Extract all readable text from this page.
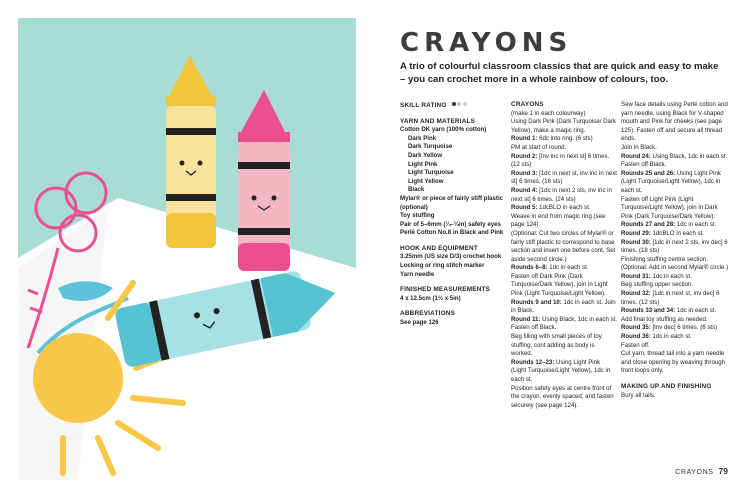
CRAYONS
A trio of colourful classroom classics that are quick and easy to make – you can crochet more in a whole rainbow of colours, too.
SKILL RATING
YARN AND MATERIALS
Cotton DK yarn (100% cotton)
Dark Pink
Dark Turquoise
Dark Yellow
Light Pink
Light Turquoise
Light Yellow
Black
Mylar® or piece of fairly stiff plastic (optional)
Toy stuffing
Pair of 5–6mm (¼–¼in) safety eyes
Perlé Cotton No.8 in Black and Pink
HOOK AND EQUIPMENT
3.25mm (US size D/3) crochet hook
Locking or ring stitch marker
Yarn needle
FINISHED MEASUREMENTS
4 x 12.5cm (1½ x 5in)
ABBREVIATIONS
See page 126
CRAYONS
(make 1 in each colourway)
Using Dark Pink (Dark Turquoise/ Dark Yellow), make a magic ring.
Round 1: 6dc into ring. (6 sts)
PM at start of round.
Round 2: [Inv inc in next st] 6 times. (12 sts)
Round 3: [1dc in next st, inv inc in next st] 6 times. (18 sts)
Round 4: [1dc in next 2 sts, inv inc in next st] 6 times. (24 sts)
Round 5: 1dcBLO in each st.
Weave in end from magic ring (see page 124).
(Optional: Cut two circles of Mylar® or fairly stiff plastic to correspond to base section and insert one before cont. Set aside second circle.)
Rounds 6–8: 1dc in each st.
Fasten off Dark Pink (Dark Turquoise/Dark Yellow), join in Light Pink (Light Turquoise/Light Yellow).
Rounds 9 and 10: 1dc in each st. Join in Black.
Round 11: Using Black, 1dc in each st. Fasten off Black.
Beg filling with small pieces of toy stuffing, cont adding as body is worked.
Rounds 12–23: Using Light Pink (Light Turquoise/Light Yellow), 1dc in each st.
Position safety eyes at centre front of the crayon, evenly spaced, and fasten securely (see page 124).
Sew face details using Perlé cotton and yarn needle, using Black for V-shaped mouth and Pink for cheeks (see page 125). Fasten off and secure all thread ends.
Join in Black.
Round 24: Using Black, 1dc in each st. Fasten off Black.
Rounds 25 and 26: Using Light Pink (Light Turquoise/Light Yellow), 1dc in each st.
Fasten off Light Pink (Light Turquoise/Light Yellow), join in Dark Pink (Dark Turquoise/Dark Yellow).
Rounds 27 and 28: 1dc in each st.
Round 29: 1dcBLO in each st.
Round 30: [1dc in next 2 sts, inv dec] 6 times. (18 sts)
Finishing stuffing centre section.
(Optional: Add in second Mylar® circle.)
Round 31: 1dc in each st.
Beg stuffing upper section.
Round 32: [1dc in next st, inv dec] 6 times. (12 sts)
Rounds 33 and 34: 1dc in each st.
Add final toy stuffing as needed.
Round 35: [Inv dec] 6 times. (6 sts)
Round 36: 1dc in each st.
Fasten off.
Cut yarn, thread tail into a yarn needle and close opening by weaving through front loops only.
MAKING UP AND FINISHING
Bury all tails.
CRAYONS 79
